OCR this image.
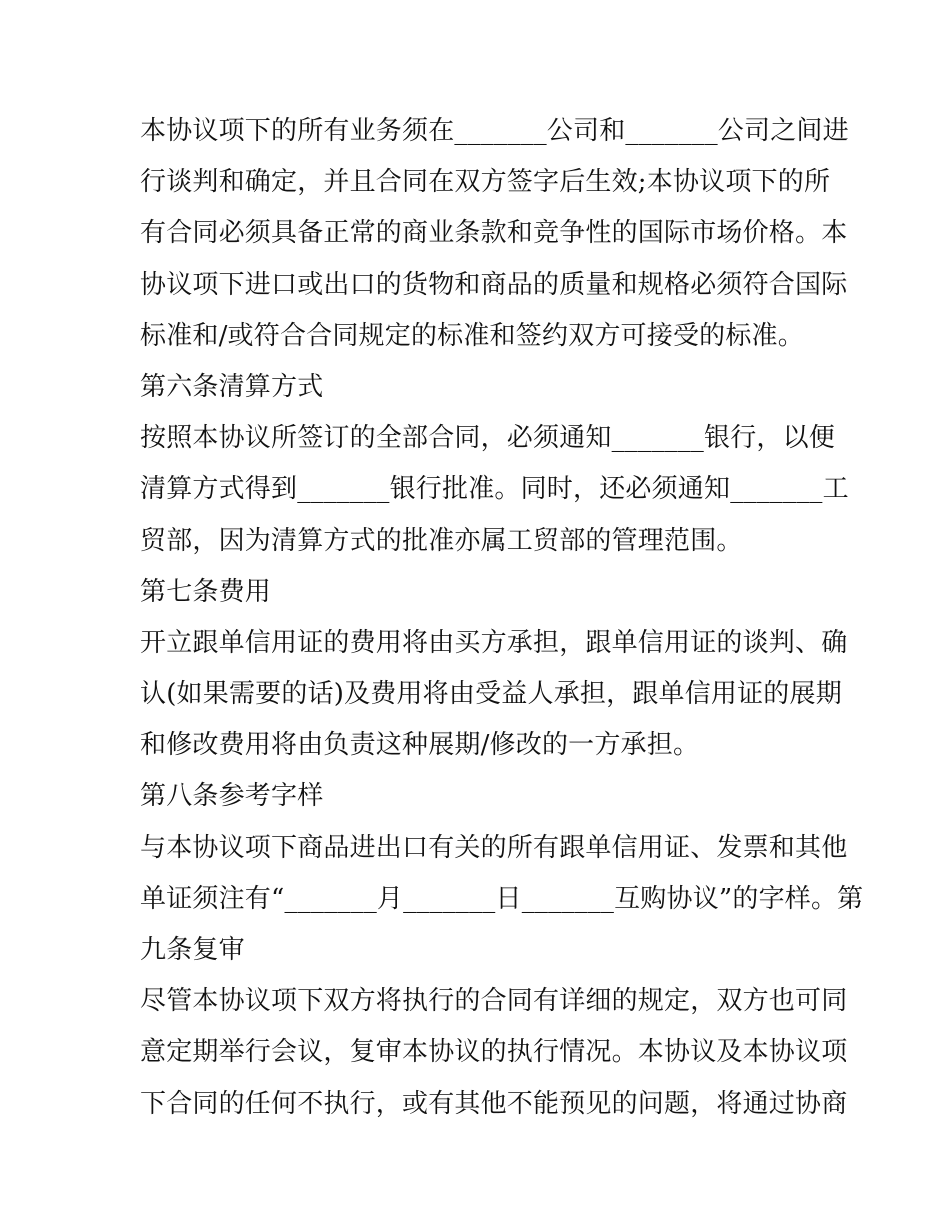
本协议项下的所有业务须在_______公司和_______公司之间进
行谈判和确定，并且合同在双方签字后生效;本协议项下的所
有合同必须具备正常的商业条款和竞争性的国际市场价格。本
协议项下进口或出口的货物和商品的质量和规格必须符合国际
标准和/或符合合同规定的标准和签约双方可接受的标准。
第六条清算方式
按照本协议所签订的全部合同，必须通知_______银行，以便
清算方式得到_______银行批准。同时，还必须通知_______工
贸部，因为清算方式的批准亦属工贸部的管理范围。
第七条费用
开立跟单信用证的费用将由买方承担，跟单信用证的谈判、确
认(如果需要的话)及费用将由受益人承担，跟单信用证的展期
和修改费用将由负责这种展期/修改的一方承担。
第八条参考字样
与本协议项下商品进出口有关的所有跟单信用证、发票和其他
单证须注有“_______月_______日_______互购协议”的字样。第
九条复审
尽管本协议项下双方将执行的合同有详细的规定，双方也可同
意定期举行会议，复审本协议的执行情况。本协议及本协议项
下合同的任何不执行，或有其他不能预见的问题，将通过协商
